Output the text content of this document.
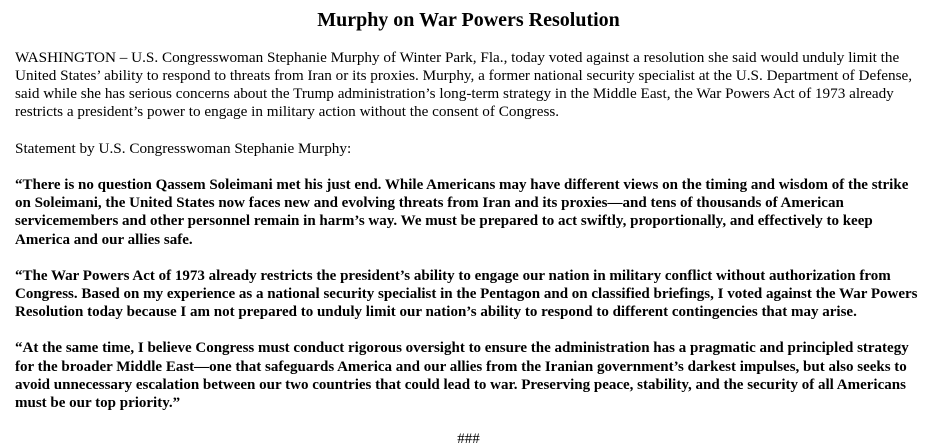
Murphy on War Powers Resolution
WASHINGTON – U.S. Congresswoman Stephanie Murphy of Winter Park, Fla., today voted against a resolution she said would unduly limit the United States’ ability to respond to threats from Iran or its proxies. Murphy, a former national security specialist at the U.S. Department of Defense, said while she has serious concerns about the Trump administration’s long-term strategy in the Middle East, the War Powers Act of 1973 already restricts a president’s power to engage in military action without the consent of Congress.
Statement by U.S. Congresswoman Stephanie Murphy:
“There is no question Qassem Soleimani met his just end. While Americans may have different views on the timing and wisdom of the strike on Soleimani, the United States now faces new and evolving threats from Iran and its proxies—and tens of thousands of American servicemembers and other personnel remain in harm’s way. We must be prepared to act swiftly, proportionally, and effectively to keep America and our allies safe.
“The War Powers Act of 1973 already restricts the president’s ability to engage our nation in military conflict without authorization from Congress. Based on my experience as a national security specialist in the Pentagon and on classified briefings, I voted against the War Powers Resolution today because I am not prepared to unduly limit our nation’s ability to respond to different contingencies that may arise.
“At the same time, I believe Congress must conduct rigorous oversight to ensure the administration has a pragmatic and principled strategy for the broader Middle East—one that safeguards America and our allies from the Iranian government’s darkest impulses, but also seeks to avoid unnecessary escalation between our two countries that could lead to war. Preserving peace, stability, and the security of all Americans must be our top priority.”
###
